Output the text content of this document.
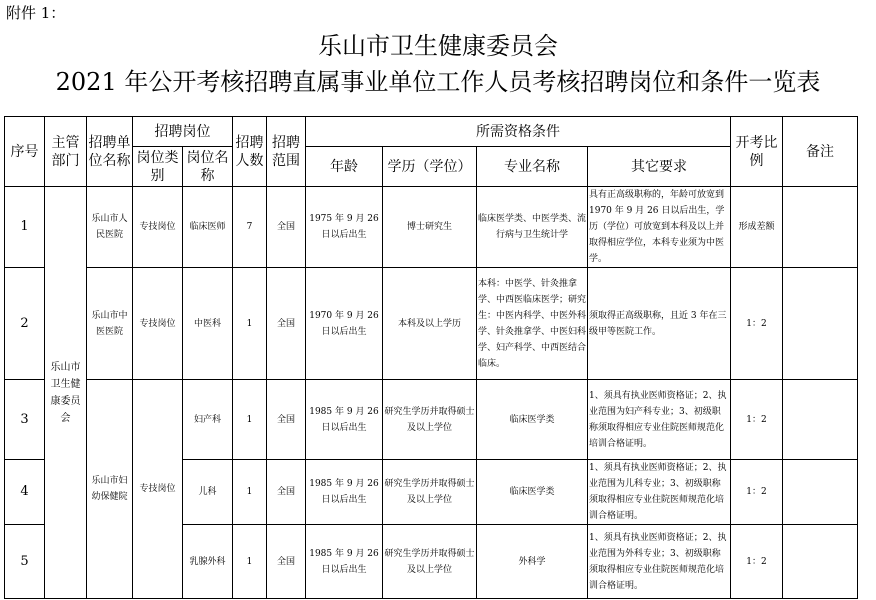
附件 1：
乐山市卫生健康委员会
2021 年公开考核招聘直属事业单位工作人员考核招聘岗位和条件一览表
序号	主管部门	招聘单位名称	招聘岗位		招聘人数	招聘范围	所需资格条件				开考比例	备注
			岗位类别	岗位名称			年龄	学历（学位）	专业名称	其它要求		
1	乐山市卫生健康委员会	乐山市人民医院	专技岗位	临床医师	7	全国	1975 年 9 月 26 日以后出生	博士研究生	临床医学类、中医学类、流行病与卫生统计学	具有正高级职称的，年龄可放宽到 1970 年 9 月 26 日以后出生，学历（学位）可放宽到本科及以上并取得相应学位，本科专业须为中医学。	形成差额	
2		乐山市中医医院	专技岗位	中医科	1	全国	1970 年 9 月 26 日以后出生	本科及以上学历	本科：中医学、针灸推拿学、中西医临床医学；研究生：中医内科学、中医外科学、针灸推拿学、中医妇科学、妇产科学、中西医结合临床。	须取得正高级职称，且近 3 年在三级甲等医院工作。	1：2	
3		乐山市妇幼保健院	专技岗位	妇产科	1	全国	1985 年 9 月 26 日以后出生	研究生学历并取得硕士及以上学位	临床医学类	1、须具有执业医师资格证；2、执业范围为妇产科专业；3、初级职称须取得相应专业住院医师规范化培训合格证明。	1：2	
4				儿科	1	全国	1985 年 9 月 26 日以后出生	研究生学历并取得硕士及以上学位	临床医学类	1、须具有执业医师资格证；2、执业范围为儿科专业；3、初级职称须取得相应专业住院医师规范化培训合格证明。	1：2	
5				乳腺外科	1	全国	1985 年 9 月 26 日以后出生	研究生学历并取得硕士及以上学位	外科学	1、须具有执业医师资格证；2、执业范围为外科专业；3、初级职称须取得相应专业住院医师规范化培训合格证明。	1：2	
